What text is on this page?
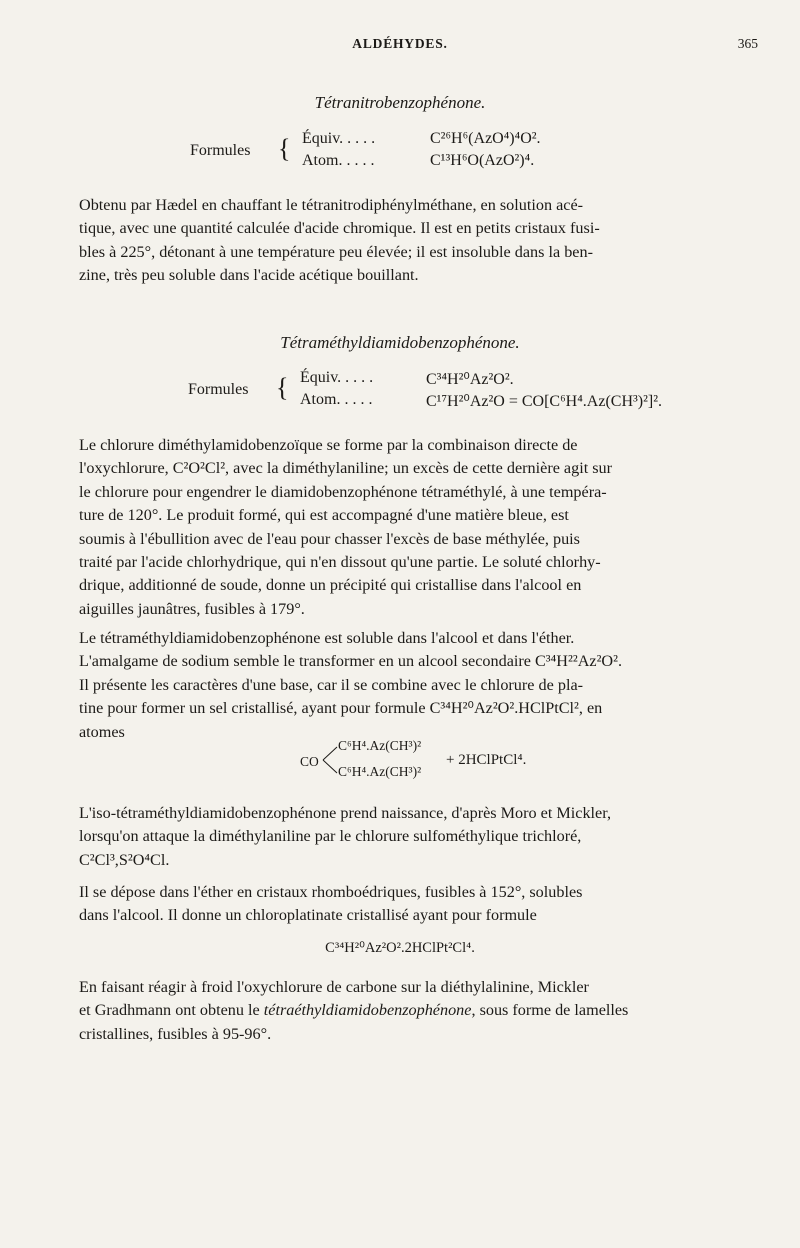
ALDÉHYDES.	365
Tétranitrobenzophénone.
Formules { Équiv. . . . .	C²⁶H⁶(AzO⁴)⁴O².
Atom. . . . .	C¹³H⁶O(AzO²)⁴.
Obtenu par Hædel en chauffant le tétranitrodiphénylméthane, en solution acé-
tique, avec une quantité calculée d'acide chromique. Il est en petits cristaux fusi-
bles à 225°, détonant à une température peu élevée; il est insoluble dans la ben-
zine, très peu soluble dans l'acide acétique bouillant.
Tétraméthyldiamidobenzophénone.
Formules { Équiv. . . . .	C³⁴H²⁰Az²O².
Atom. . . . .	C¹⁷H²⁰Az²O = CO[C⁶H⁴.Az(CH³)²]².
Le chlorure diméthylamidobenzoïque se forme par la combinaison directe de
l'oxychlorure, C²O²Cl², avec la diméthylaniline; un excès de cette dernière agit sur
le chlorure pour engendrer le diamidobenzophénone tétraméthylé, à une tempéra-
ture de 120°. Le produit formé, qui est accompagné d'une matière bleue, est
soumis à l'ébullition avec de l'eau pour chasser l'excès de base méthylée, puis
traité par l'acide chlorhydrique, qui n'en dissout qu'une partie. Le soluté chlorhy-
drique, additionné de soude, donne un précipité qui cristallise dans l'alcool en
aiguilles jaunâtres, fusibles à 179°.
Le tétraméthyldiamidobenzophénone est soluble dans l'alcool et dans l'éther.
L'amalgame de sodium semble le transformer en un alcool secondaire C³⁴H²²Az²O².
Il présente les caractères d'une base, car il se combine avec le chlorure de pla-
tine pour former un sel cristallisé, ayant pour formule C³⁴H²⁰Az²O².HClPtCl², en
atomes
CO
C⁶H⁴.Az(CH³)²
C⁶H⁴.Az(CH³)²
+ 2HClPtCl⁴.
L'iso-tétraméthyldiamidobenzophénone prend naissance, d'après Moro et Mickler,
lorsqu'on attaque la diméthylaniline par le chlorure sulfométhylique trichloré,
C²Cl³,S²O⁴Cl.
Il se dépose dans l'éther en cristaux rhomboédriques, fusibles à 152°, solubles
dans l'alcool. Il donne un chloroplatinate cristallisé ayant pour formule
C³⁴H²⁰Az²O².2HClPt²Cl⁴.
En faisant réagir à froid l'oxychlorure de carbone sur la diéthylalinine, Mickler
et Gradhmann ont obtenu le tétraéthyldiamidobenzophénone, sous forme de lamelles
cristallines, fusibles à 95-96°.
